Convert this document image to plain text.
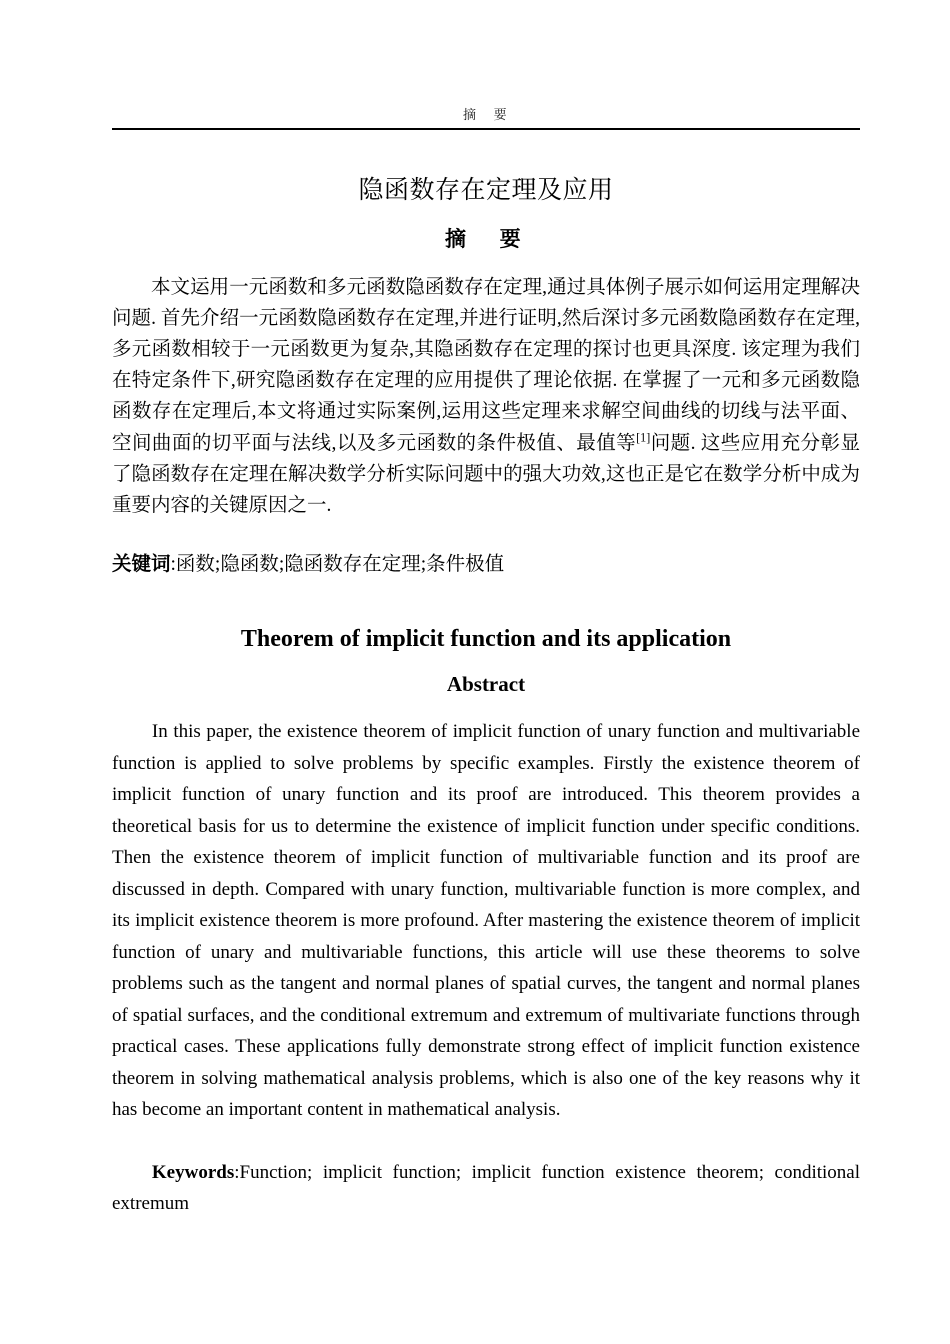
摘　要
隐函数存在定理及应用
摘　要

本文运用一元函数和多元函数隐函数存在定理,通过具体例子展示如何运用定理解决问题. 首先介绍一元函数隐函数存在定理,并进行证明,然后深讨多元函数隐函数存在定理,多元函数相较于一元函数更为复杂,其隐函数存在定理的探讨也更具深度. 该定理为我们在特定条件下,研究隐函数存在定理的应用提供了理论依据. 在掌握了一元和多元函数隐函数存在定理后,本文将通过实际案例,运用这些定理来求解空间曲线的切线与法平面、空间曲面的切平面与法线,以及多元函数的条件极值、最值等[1]问题. 这些应用充分彰显了隐函数存在定理在解决数学分析实际问题中的强大功效,这也正是它在数学分析中成为重要内容的关键原因之一.

关键词:函数;隐函数;隐函数存在定理;条件极值

Theorem of implicit function and its application
Abstract

In this paper, the existence theorem of implicit function of unary function and multivariable function is applied to solve problems by specific examples. Firstly the existence theorem of implicit function of unary function and its proof are introduced. This theorem provides a theoretical basis for us to determine the existence of implicit function under specific conditions. Then the existence theorem of implicit function of multivariable function and its proof are discussed in depth. Compared with unary function, multivariable function is more complex, and its implicit existence theorem is more profound. After mastering the existence theorem of implicit function of unary and multivariable functions, this article will use these theorems to solve problems such as the tangent and normal planes of spatial curves, the tangent and normal planes of spatial surfaces, and the conditional extremum and extremum of multivariate functions through practical cases. These applications fully demonstrate strong effect of implicit function existence theorem in solving mathematical analysis problems, which is also one of the key reasons why it has become an important content in mathematical analysis.

Keywords:Function; implicit function; implicit function existence theorem; conditional extremum
